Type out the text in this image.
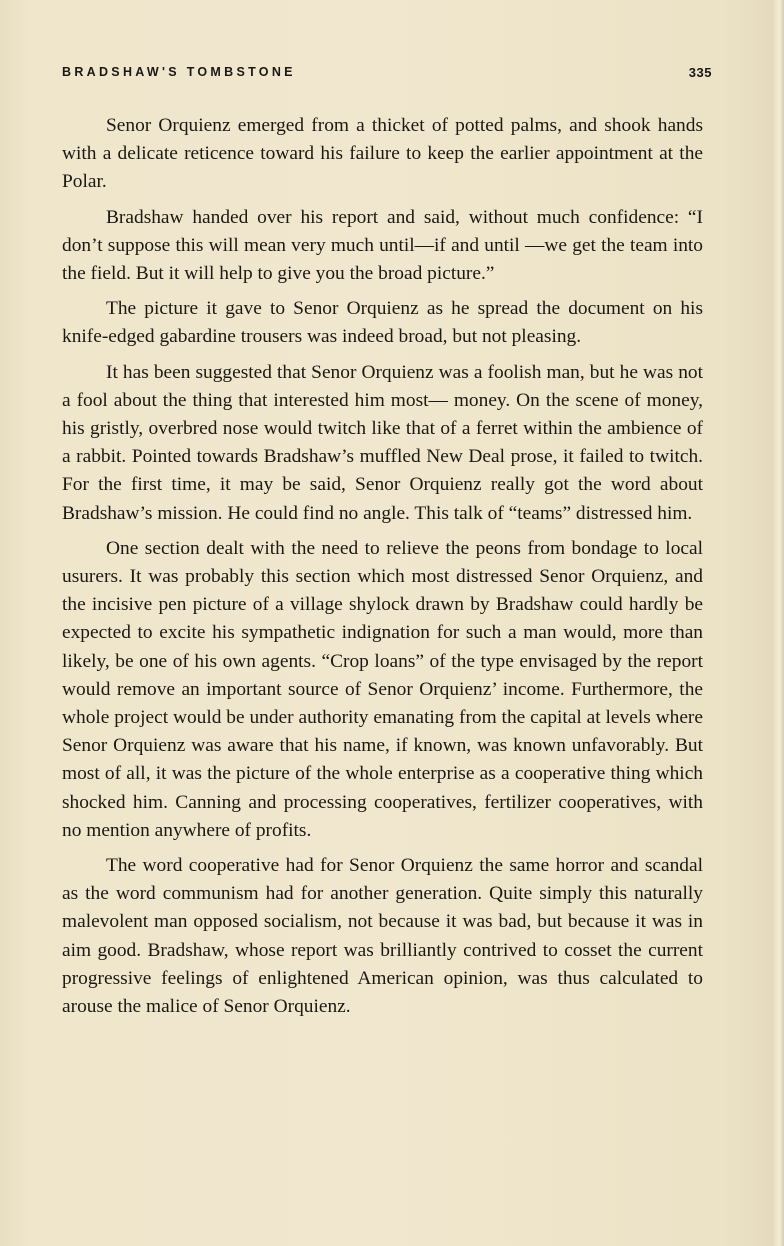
BRADSHAW'S TOMBSTONE	335

Senor Orquienz emerged from a thicket of potted palms, and shook hands with a delicate reticence toward his failure to keep the earlier appointment at the Polar.

Bradshaw handed over his report and said, without much confidence: “I don’t suppose this will mean very much until—if and until —we get the team into the field. But it will help to give you the broad picture.”

The picture it gave to Senor Orquienz as he spread the document on his knife-edged gabardine trousers was indeed broad, but not pleasing.

It has been suggested that Senor Orquienz was a foolish man, but he was not a fool about the thing that interested him most— money. On the scene of money, his gristly, overbred nose would twitch like that of a ferret within the ambience of a rabbit. Pointed towards Bradshaw’s muffled New Deal prose, it failed to twitch. For the first time, it may be said, Senor Orquienz really got the word about Bradshaw’s mission. He could find no angle. This talk of “teams” distressed him.

One section dealt with the need to relieve the peons from bondage to local usurers. It was probably this section which most distressed Senor Orquienz, and the incisive pen picture of a village shylock drawn by Bradshaw could hardly be expected to excite his sympathetic indignation for such a man would, more than likely, be one of his own agents. “Crop loans” of the type envisaged by the report would remove an important source of Senor Orquienz’ income. Furthermore, the whole project would be under authority emanating from the capital at levels where Senor Orquienz was aware that his name, if known, was known unfavorably. But most of all, it was the picture of the whole enterprise as a cooperative thing which shocked him. Canning and processing cooperatives, fertilizer cooperatives, with no mention anywhere of profits.

The word cooperative had for Senor Orquienz the same horror and scandal as the word communism had for another generation. Quite simply this naturally malevolent man opposed socialism, not because it was bad, but because it was in aim good. Bradshaw, whose report was brilliantly contrived to cosset the current progressive feelings of enlightened American opinion, was thus calculated to arouse the malice of Senor Orquienz.
